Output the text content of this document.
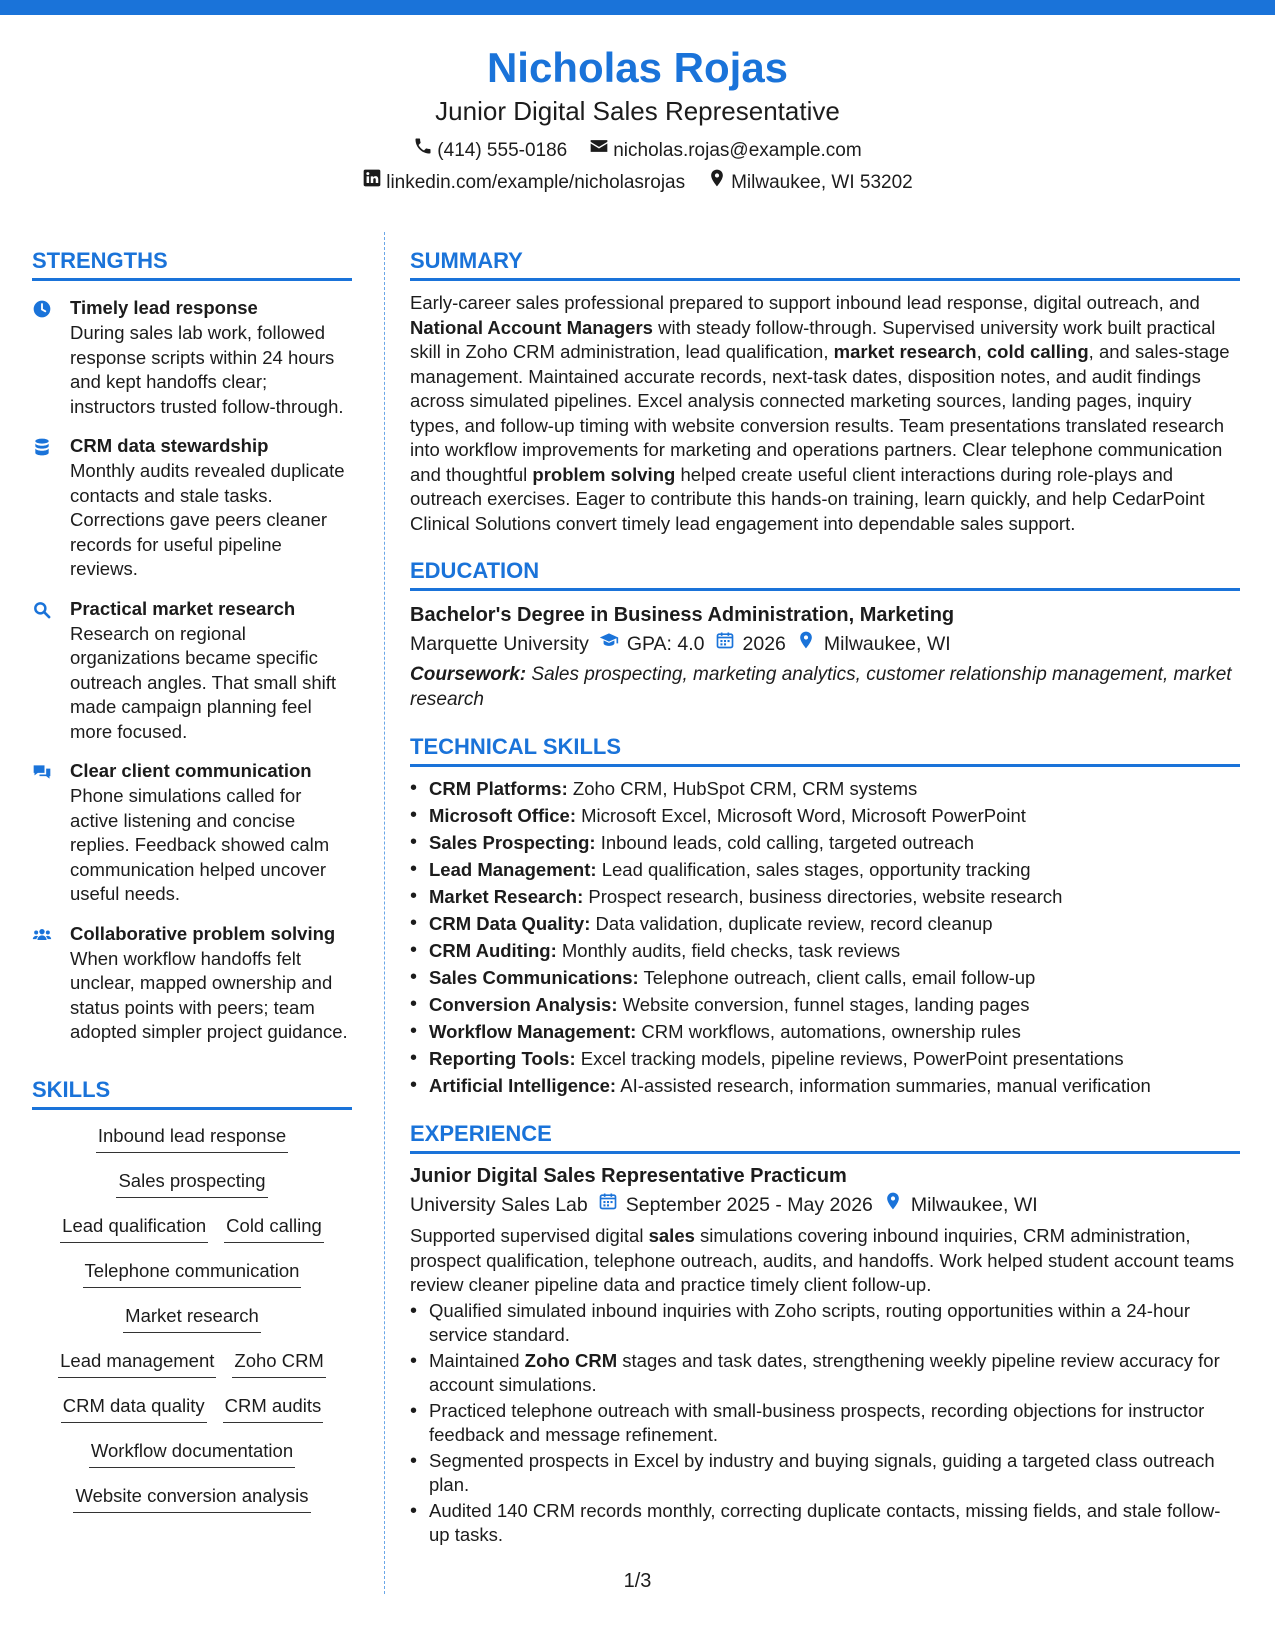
Nicholas Rojas
Junior Digital Sales Representative
(414) 555-0186 nicholas.rojas@example.com
linkedin.com/example/nicholasrojas Milwaukee, WI 53202
STRENGTHS
Timely lead response
During sales lab work, followed response scripts within 24 hours and kept handoffs clear; instructors trusted follow-through.
CRM data stewardship
Monthly audits revealed duplicate contacts and stale tasks. Corrections gave peers cleaner records for useful pipeline reviews.
Practical market research
Research on regional organizations became specific outreach angles. That small shift made campaign planning feel more focused.
Clear client communication
Phone simulations called for active listening and concise replies. Feedback showed calm communication helped uncover useful needs.
Collaborative problem solving
When workflow handoffs felt unclear, mapped ownership and status points with peers; team adopted simpler project guidance.
SKILLS
Inbound lead response
Sales prospecting
Lead qualification Cold calling
Telephone communication
Market research
Lead management Zoho CRM
CRM data quality CRM audits
Workflow documentation
Website conversion analysis
SUMMARY
Early-career sales professional prepared to support inbound lead response, digital outreach, and National Account Managers with steady follow-through. Supervised university work built practical skill in Zoho CRM administration, lead qualification, market research, cold calling, and sales-stage management. Maintained accurate records, next-task dates, disposition notes, and audit findings across simulated pipelines. Excel analysis connected marketing sources, landing pages, inquiry types, and follow-up timing with website conversion results. Team presentations translated research into workflow improvements for marketing and operations partners. Clear telephone communication and thoughtful problem solving helped create useful client interactions during role-plays and outreach exercises. Eager to contribute this hands-on training, learn quickly, and help CedarPoint Clinical Solutions convert timely lead engagement into dependable sales support.
EDUCATION
Bachelor's Degree in Business Administration, Marketing
Marquette University GPA: 4.0 2026 Milwaukee, WI
Coursework: Sales prospecting, marketing analytics, customer relationship management, market research
TECHNICAL SKILLS
• CRM Platforms: Zoho CRM, HubSpot CRM, CRM systems
• Microsoft Office: Microsoft Excel, Microsoft Word, Microsoft PowerPoint
• Sales Prospecting: Inbound leads, cold calling, targeted outreach
• Lead Management: Lead qualification, sales stages, opportunity tracking
• Market Research: Prospect research, business directories, website research
• CRM Data Quality: Data validation, duplicate review, record cleanup
• CRM Auditing: Monthly audits, field checks, task reviews
• Sales Communications: Telephone outreach, client calls, email follow-up
• Conversion Analysis: Website conversion, funnel stages, landing pages
• Workflow Management: CRM workflows, automations, ownership rules
• Reporting Tools: Excel tracking models, pipeline reviews, PowerPoint presentations
• Artificial Intelligence: AI-assisted research, information summaries, manual verification
EXPERIENCE
Junior Digital Sales Representative Practicum
University Sales Lab September 2025 - May 2026 Milwaukee, WI
Supported supervised digital sales simulations covering inbound inquiries, CRM administration, prospect qualification, telephone outreach, audits, and handoffs. Work helped student account teams review cleaner pipeline data and practice timely client follow-up.
• Qualified simulated inbound inquiries with Zoho scripts, routing opportunities within a 24-hour service standard.
• Maintained Zoho CRM stages and task dates, strengthening weekly pipeline review accuracy for account simulations.
• Practiced telephone outreach with small-business prospects, recording objections for instructor feedback and message refinement.
• Segmented prospects in Excel by industry and buying signals, guiding a targeted class outreach plan.
• Audited 140 CRM records monthly, correcting duplicate contacts, missing fields, and stale follow-up tasks.
1/3
